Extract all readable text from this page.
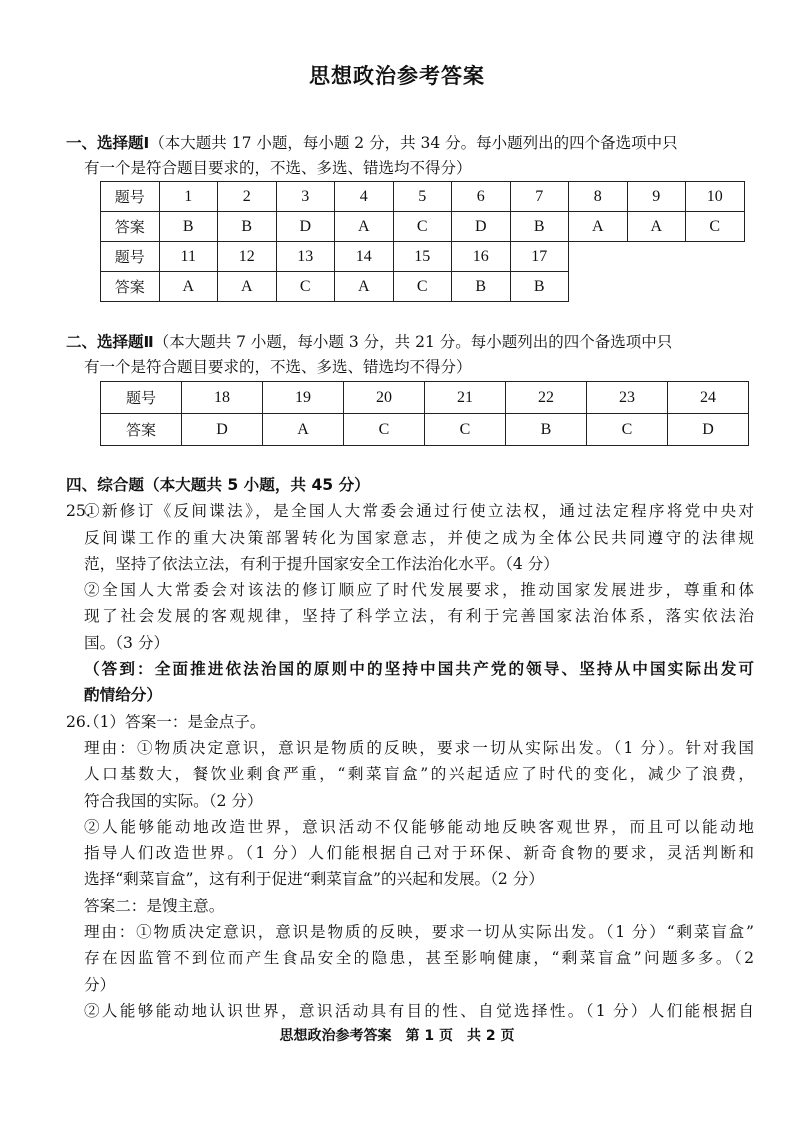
思想政治参考答案
一、选择题Ⅰ（本大题共 17 小题，每小题 2 分，共 34 分。每小题列出的四个备选项中只
有一个是符合题目要求的，不选、多选、错选均不得分）
题号	1	2	3	4	5	6	7	8	9	10
答案	B	B	D	A	C	D	B	A	A	C
题号	11	12	13	14	15	16	17			
答案	A	A	C	A	C	B	B			
二、选择题Ⅱ（本大题共 7 小题，每小题 3 分，共 21 分。每小题列出的四个备选项中只
有一个是符合题目要求的，不选、多选、错选均不得分）
题号	18	19	20	21	22	23	24
答案	D	A	C	C	B	C	D
四、综合题（本大题共 5 小题，共 45 分）
25.
①新修订《反间谍法》，是全国人大常委会通过行使立法权，通过法定程序将党中央对
反间谍工作的重大决策部署转化为国家意志，并使之成为全体公民共同遵守的法律规
范，坚持了依法立法，有利于提升国家安全工作法治化水平。（4 分）
②全国人大常委会对该法的修订顺应了时代发展要求，推动国家发展进步，尊重和体
现了社会发展的客观规律，坚持了科学立法，有利于完善国家法治体系，落实依法治
国。（3 分）
（答到：全面推进依法治国的原则中的坚持中国共产党的领导、坚持从中国实际出发可
酌情给分）
26.
（1）答案一：是金点子。
理由：①物质决定意识，意识是物质的反映，要求一切从实际出发。（1 分）。针对我国
人口基数大，餐饮业剩食严重，“剩菜盲盒”的兴起适应了时代的变化，减少了浪费，
符合我国的实际。（2 分）
②人能够能动地改造世界，意识活动不仅能够能动地反映客观世界，而且可以能动地
指导人们改造世界。（1 分）人们能根据自己对于环保、新奇食物的要求，灵活判断和
选择“剩菜盲盒”，这有利于促进“剩菜盲盒”的兴起和发展。（2 分）
答案二：是馊主意。
理由：①物质决定意识，意识是物质的反映，要求一切从实际出发。（1 分）“剩菜盲盒”
存在因监管不到位而产生食品安全的隐患，甚至影响健康，“剩菜盲盒”问题多多。（2
分）
②人能够能动地认识世界，意识活动具有目的性、自觉选择性。（1 分）人们能根据自
思想政治参考答案　第 1 页　共 2 页
